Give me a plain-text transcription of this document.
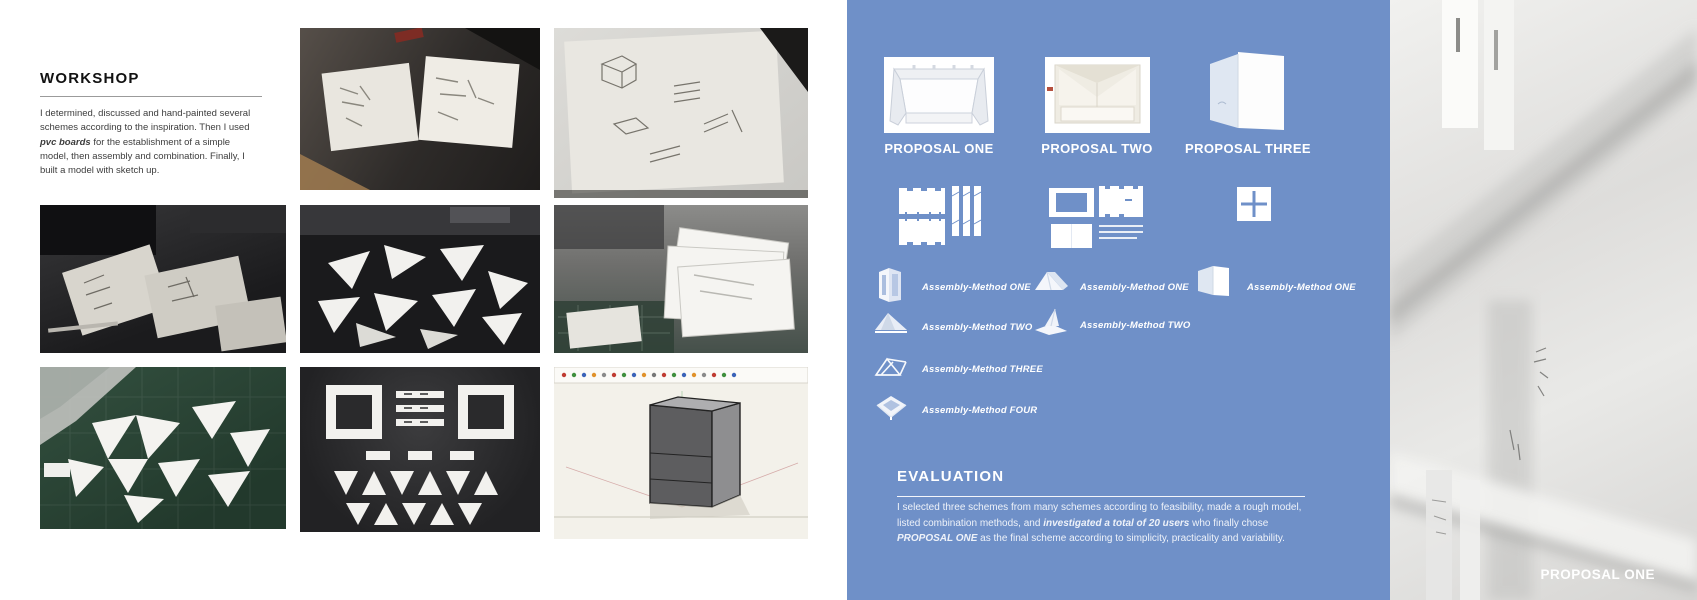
WORKSHOP

I determined, discussed and hand-painted several schemes according to the inspiration. Then I used pvc boards for the establishment of a simple model, then assembly and combination. Finally, I built a model with sketch up.

PROPOSAL ONE	PROPOSAL TWO	PROPOSAL THREE
Assembly-Method ONE
Assembly-Method TWO
Assembly-Method THREE
Assembly-Method FOUR
Assembly-Method ONE
Assembly-Method TWO
Assembly-Method ONE
EVALUATION

I selected three schemes from many schemes according to feasibility, made a rough model, listed combination methods, and investigated a total of 20 users who finally chose PROPOSAL ONE as the final scheme according to simplicity, practicality and variability.

PROPOSAL ONE
